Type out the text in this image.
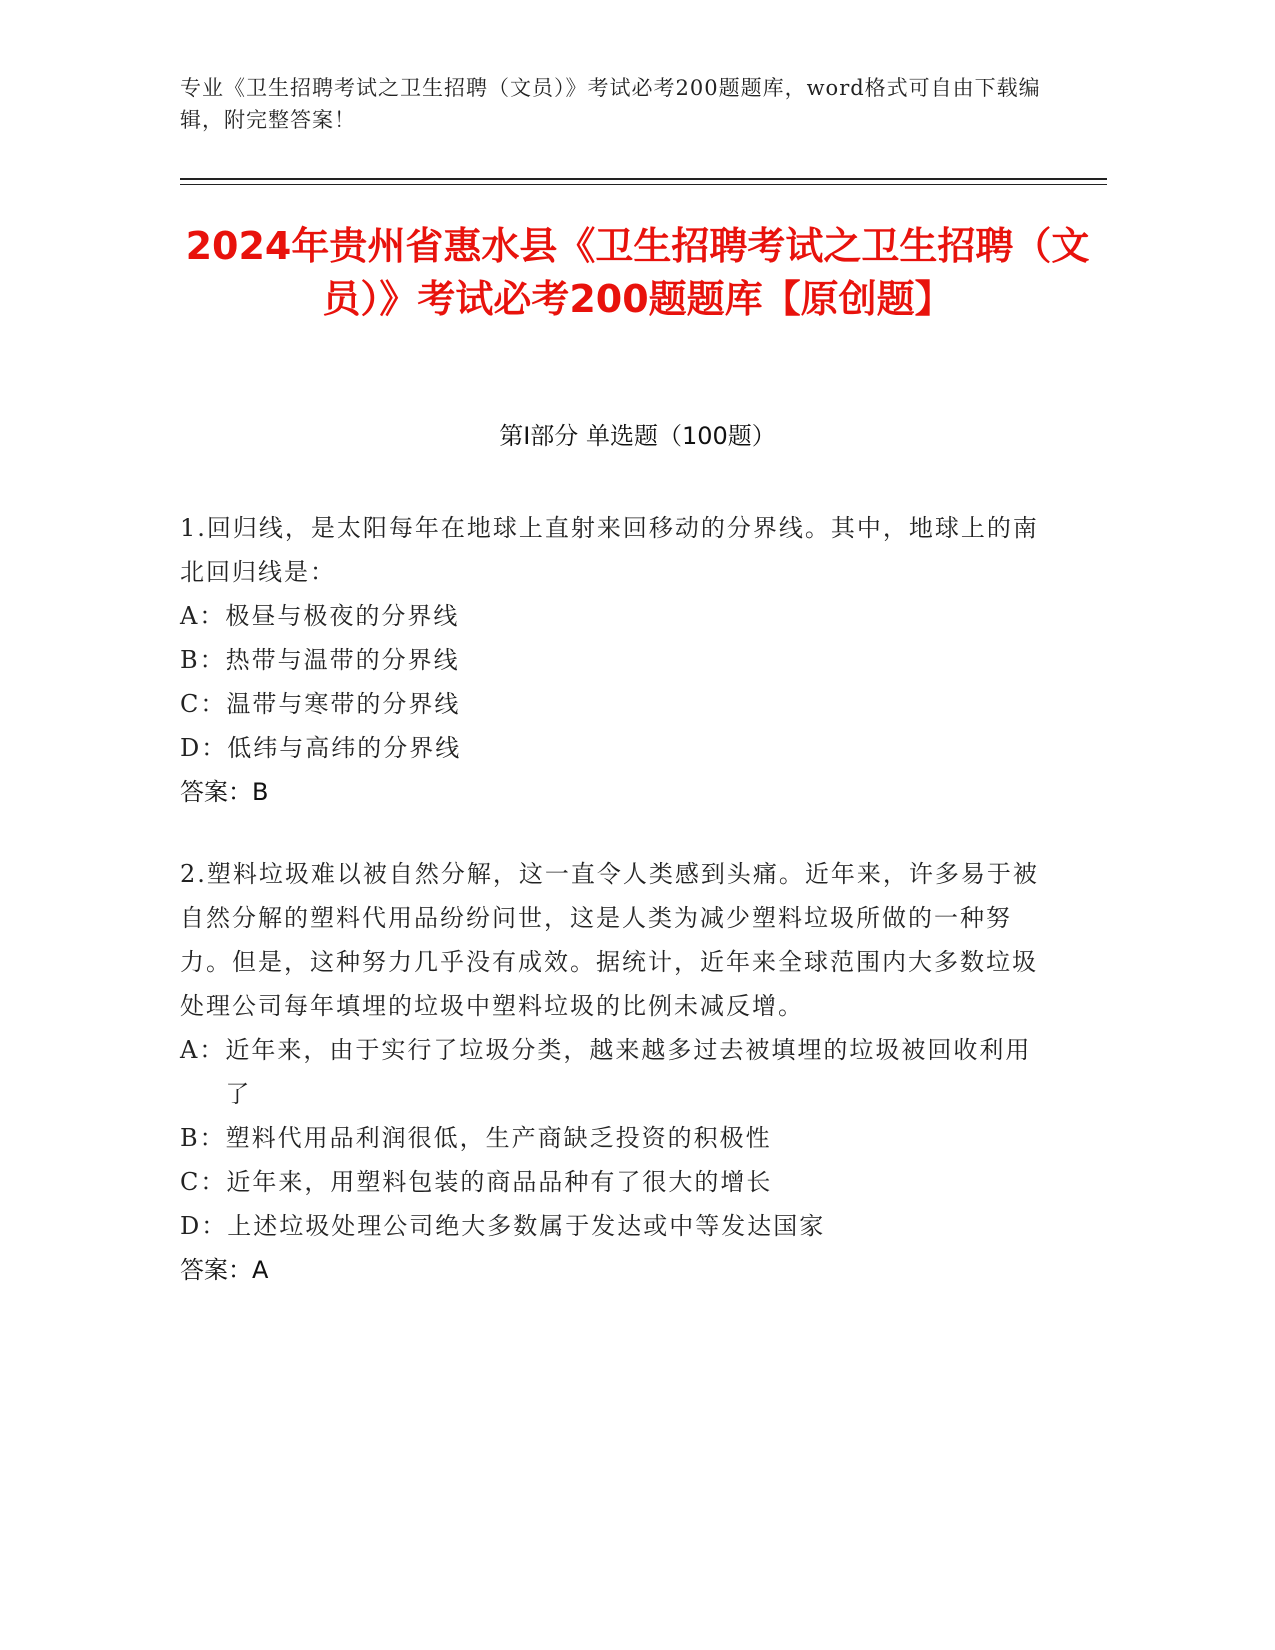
专业《卫生招聘考试之卫生招聘（文员）》考试必考200题题库，word格式可自由下载编辑，附完整答案！
2024年贵州省惠水县《卫生招聘考试之卫生招聘（文员）》考试必考200题题库【原创题】
第Ⅰ部分 单选题（100题）

1.回归线，是太阳每年在地球上直射来回移动的分界线。其中，地球上的南北回归线是：

A： 极昼与极夜的分界线

B： 热带与温带的分界线

C： 温带与寒带的分界线

D： 低纬与高纬的分界线

答案：B

2.塑料垃圾难以被自然分解，这一直令人类感到头痛。近年来，许多易于被自然分解的塑料代用品纷纷问世，这是人类为减少塑料垃圾所做的一种努力。但是，这种努力几乎没有成效。据统计，近年来全球范围内大多数垃圾处理公司每年填埋的垃圾中塑料垃圾的比例未减反增。

A： 近年来，由于实行了垃圾分类，越来越多过去被填埋的垃圾被回收利用了

B： 塑料代用品利润很低，生产商缺乏投资的积极性

C： 近年来，用塑料包装的商品品种有了很大的增长

D： 上述垃圾处理公司绝大多数属于发达或中等发达国家

答案：A
